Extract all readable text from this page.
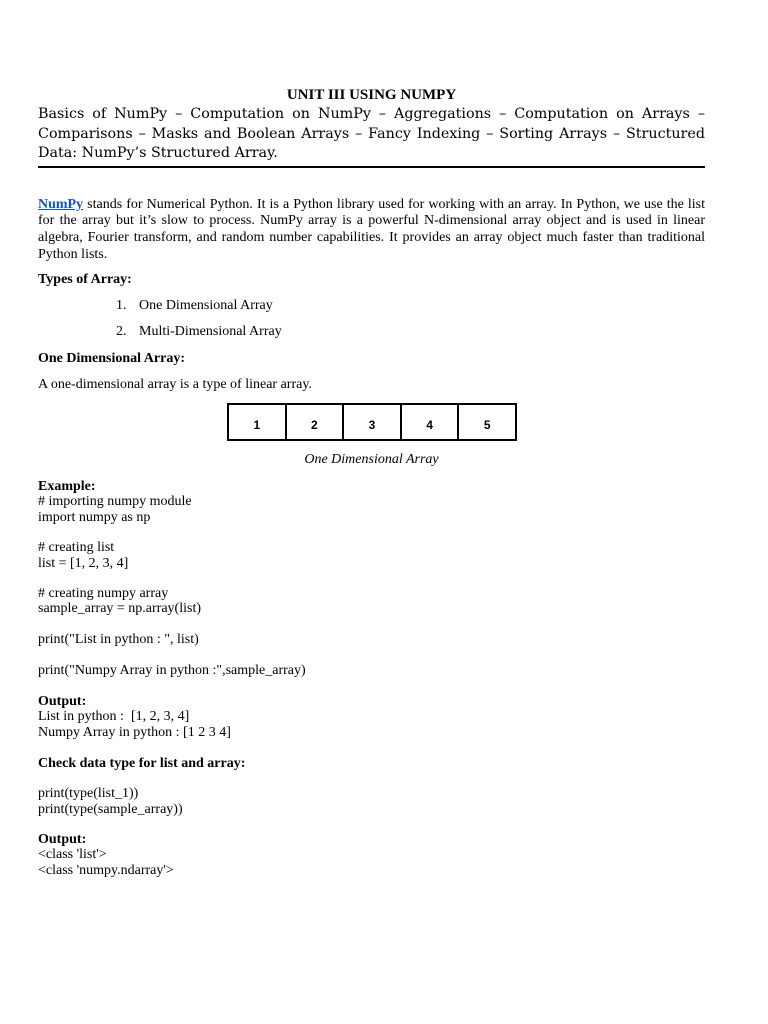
UNIT III USING NUMPY

Basics of NumPy – Computation on NumPy – Aggregations – Computation on Arrays – Comparisons – Masks and Boolean Arrays – Fancy Indexing – Sorting Arrays – Structured Data: NumPy’s Structured Array.

NumPy stands for Numerical Python. It is a Python library used for working with an array. In Python, we use the list for the array but it’s slow to process. NumPy array is a powerful N-dimensional array object and is used in linear algebra, Fourier transform, and random number capabilities. It provides an array object much faster than traditional Python lists.

Types of Array:

1. One Dimensional Array
2. Multi-Dimensional Array

One Dimensional Array:

A one-dimensional array is a type of linear array.

1	2	3	4	5
One Dimensional Array

Example:

# importing numpy module

import numpy as np

# creating list

list = [1, 2, 3, 4]

# creating numpy array

sample_array = np.array(list)

print("List in python : ", list)

print("Numpy Array in python :",sample_array)

Output:

List in python :  [1, 2, 3, 4]

Numpy Array in python : [1 2 3 4]

Check data type for list and array:

print(type(list_1))

print(type(sample_array))

Output:

<class 'list'>

<class 'numpy.ndarray'>
